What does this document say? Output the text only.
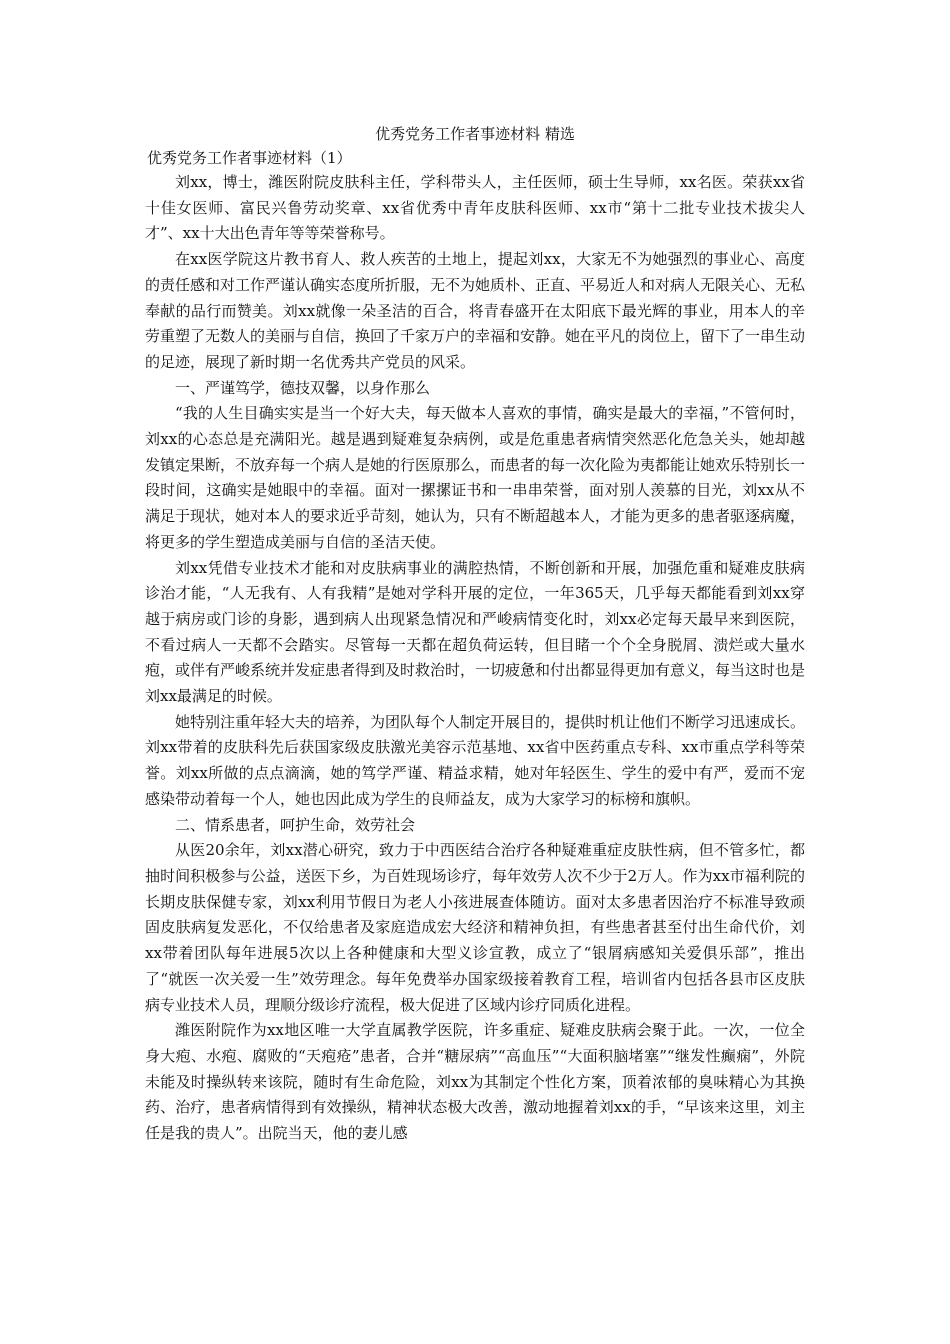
优秀党务工作者事迹材料 精选

优秀党务工作者事迹材料（1）

刘xx，博士，潍医附院皮肤科主任，学科带头人，主任医师，硕士生导师，xx名医。荣获xx省十佳女医师、富民兴鲁劳动奖章、xx省优秀中青年皮肤科医师、xx市“第十二批专业技术拔尖人才”、xx十大出色青年等等荣誉称号。

在xx医学院这片教书育人、救人疾苦的土地上，提起刘xx，大家无不为她强烈的事业心、高度的责任感和对工作严谨认确实态度所折服，无不为她质朴、正直、平易近人和对病人无限关心、无私奉献的品行而赞美。刘xx就像一朵圣洁的百合，将青春盛开在太阳底下最光辉的事业，用本人的辛劳重塑了无数人的美丽与自信，换回了千家万户的幸福和安静。她在平凡的岗位上，留下了一串生动的足迹，展现了新时期一名优秀共产党员的风采。

一、严谨笃学，德技双馨，以身作那么

“我的人生目确实实是当一个好大夫，每天做本人喜欢的事情，确实是最大的幸福，”不管何时，刘xx的心态总是充满阳光。越是遇到疑难复杂病例，或是危重患者病情突然恶化危急关头，她却越发镇定果断，不放弃每一个病人是她的行医原那么，而患者的每一次化险为夷都能让她欢乐特别长一段时间，这确实是她眼中的幸福。面对一摞摞证书和一串串荣誉，面对别人羡慕的目光，刘xx从不满足于现状，她对本人的要求近乎苛刻，她认为，只有不断超越本人，才能为更多的患者驱逐病魔，将更多的学生塑造成美丽与自信的圣洁天使。

刘xx凭借专业技术才能和对皮肤病事业的满腔热情，不断创新和开展，加强危重和疑难皮肤病诊治才能，“人无我有、人有我精”是她对学科开展的定位，一年365天，几乎每天都能看到刘xx穿越于病房或门诊的身影，遇到病人出现紧急情况和严峻病情变化时，刘xx必定每天最早来到医院，不看过病人一天都不会踏实。尽管每一天都在超负荷运转，但目睹一个个全身脱屑、溃烂或大量水疱，或伴有严峻系统并发症患者得到及时救治时，一切疲惫和付出都显得更加有意义，每当这时也是刘xx最满足的时候。

她特别注重年轻大夫的培养，为团队每个人制定开展目的，提供时机让他们不断学习迅速成长。刘xx带着的皮肤科先后获国家级皮肤激光美容示范基地、xx省中医药重点专科、xx市重点学科等荣誉。刘xx所做的点点滴滴，她的笃学严谨、精益求精，她对年轻医生、学生的爱中有严，爱而不宠感染带动着每一个人，她也因此成为学生的良师益友，成为大家学习的标榜和旗帜。

二、情系患者，呵护生命，效劳社会

从医20余年，刘xx潜心研究，致力于中西医结合治疗各种疑难重症皮肤性病，但不管多忙，都抽时间积极参与公益，送医下乡，为百姓现场诊疗，每年效劳人次不少于2万人。作为xx市福利院的长期皮肤保健专家，刘xx利用节假日为老人小孩进展查体随访。面对太多患者因治疗不标准导致顽固皮肤病复发恶化，不仅给患者及家庭造成宏大经济和精神负担，有些患者甚至付出生命代价，刘xx带着团队每年进展5次以上各种健康和大型义诊宣教，成立了“银屑病感知关爱俱乐部”，推出了“就医一次关爱一生”效劳理念。每年免费举办国家级接着教育工程，培训省内包括各县市区皮肤病专业技术人员，理顺分级诊疗流程，极大促进了区域内诊疗同质化进程。

潍医附院作为xx地区唯一大学直属教学医院，许多重症、疑难皮肤病会聚于此。一次，一位全身大疱、水疱、腐败的“天疱疮”患者，合并“糖尿病”“高血压”“大面积脑堵塞”“继发性癫痫”，外院未能及时操纵转来该院，随时有生命危险，刘xx为其制定个性化方案，顶着浓郁的臭味精心为其换药、治疗，患者病情得到有效操纵，精神状态极大改善，激动地握着刘xx的手，“早该来这里，刘主任是我的贵人”。出院当天，他的妻儿感
